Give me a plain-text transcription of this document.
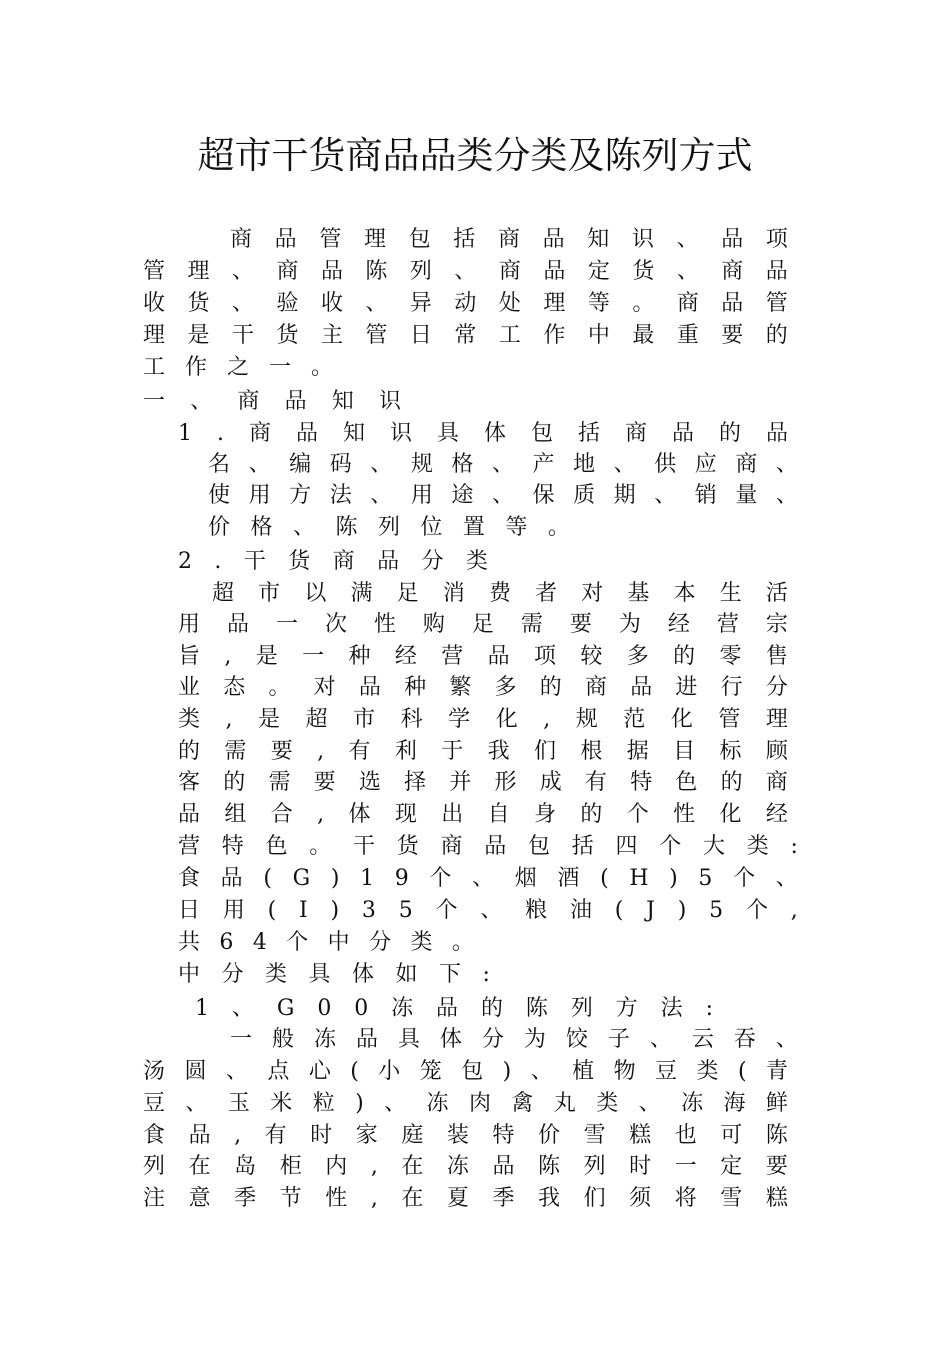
超市干货商品品类分类及陈列方式
商 品 管 理 包 括 商 品 知 识 、 品 项
管 理 、 商 品 陈 列 、 商 品 定 货 、 商 品
收 货 、 验 收 、 异 动 处 理 等 。 商 品 管
理 是 干 货 主 管 日 常 工 作 中 最 重 要 的
工 作 之 一 。
一 、 商 品 知 识
1 . 商 品 知 识 具 体 包 括 商 品 的 品
名 、 编 码 、 规 格 、 产 地 、 供 应 商 、
使 用 方 法 、 用 途 、 保 质 期 、 销 量 、
价 格 、 陈 列 位 置 等 。
2 . 干 货 商 品 分 类
超 市 以 满 足 消 费 者 对 基 本 生 活
用 品 一 次 性 购 足 需 要 为 经 营 宗
旨 , 是 一 种 经 营 品 项 较 多 的 零 售
业 态 。 对 品 种 繁 多 的 商 品 进 行 分
类 , 是 超 市 科 学 化 , 规 范 化 管 理
的 需 要 , 有 利 于 我 们 根 据 目 标 顾
客 的 需 要 选 择 并 形 成 有 特 色 的 商
品 组 合 , 体 现 出 自 身 的 个 性 化 经
营 特 色 。 干 货 商 品 包 括 四 个 大 类 :
食 品 ( G ) 1 9 个 、 烟 酒 ( H ) 5 个 、
日 用 ( I ) 3 5 个 、 粮 油 ( J ) 5 个 ,
共 6 4 个 中 分 类 。
中 分 类 具 体 如 下 :
1 、 G 0 0 冻 品 的 陈 列 方 法 :
一 般 冻 品 具 体 分 为 饺 子 、 云 吞 、
汤 圆 、 点 心 ( 小 笼 包 ) 、 植 物 豆 类 ( 青
豆 、 玉 米 粒 ) 、 冻 肉 禽 丸 类 、 冻 海 鲜
食 品 , 有 时 家 庭 装 特 价 雪 糕 也 可 陈
列 在 岛 柜 内 , 在 冻 品 陈 列 时 一 定 要
注 意 季 节 性 , 在 夏 季 我 们 须 将 雪 糕
